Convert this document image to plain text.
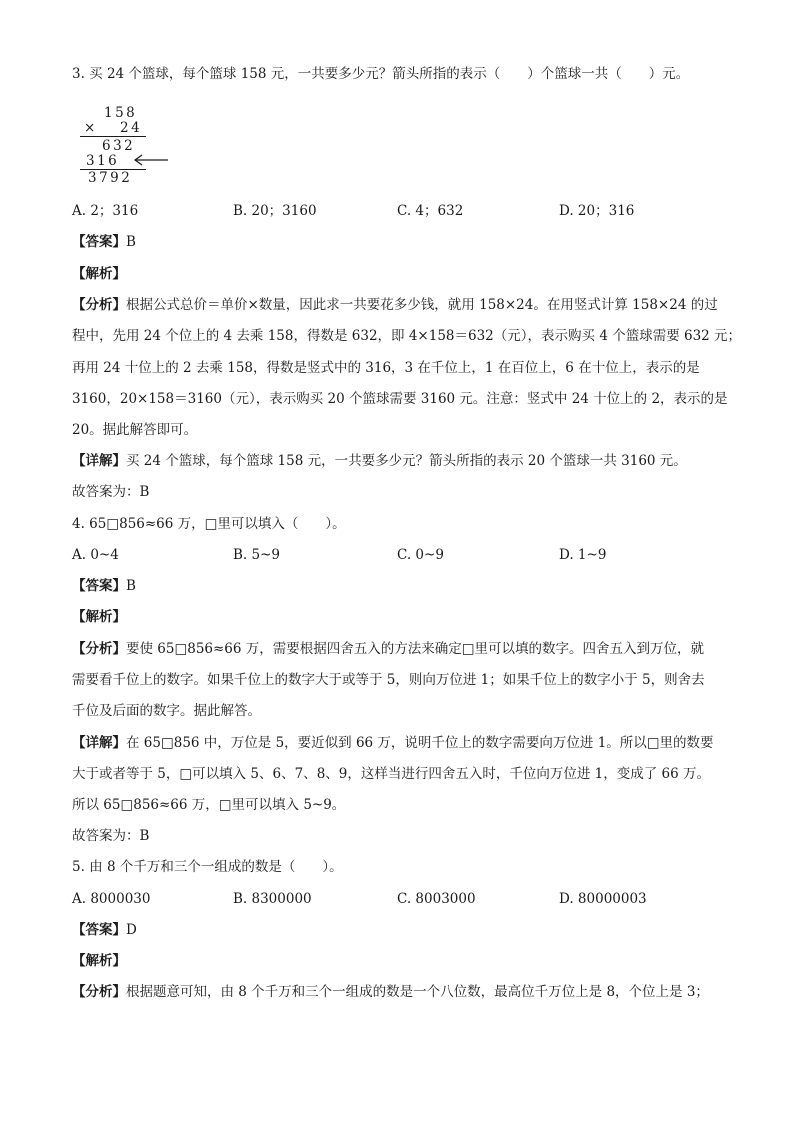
3. 买 24 个篮球，每个篮球 158 元，一共要多少元？箭头所指的表示（　　）个篮球一共（　　）元。
158
× 24
632
316
3792
A. 2；316	B. 20；3160	C. 4；632	D. 20；316
【答案】B
【解析】
【分析】根据公式总价＝单价×数量，因此求一共要花多少钱，就用 158×24。在用竖式计算 158×24 的过
程中，先用 24 个位上的 4 去乘 158，得数是 632，即 4×158＝632（元），表示购买 4 个篮球需要 632 元；
再用 24 十位上的 2 去乘 158，得数是竖式中的 316，3 在千位上，1 在百位上，6 在十位上，表示的是
3160，20×158＝3160（元），表示购买 20 个篮球需要 3160 元。注意：竖式中 24 十位上的 2，表示的是
20。据此解答即可。
【详解】买 24 个篮球，每个篮球 158 元，一共要多少元？箭头所指的表示 20 个篮球一共 3160 元。
故答案为：B
4. 65□856≈66 万，□里可以填入（　　）。
A. 0~4	B. 5~9	C. 0~9	D. 1~9
【答案】B
【解析】
【分析】要使 65□856≈66 万，需要根据四舍五入的方法来确定□里可以填的数字。四舍五入到万位，就
需要看千位上的数字。如果千位上的数字大于或等于 5，则向万位进 1；如果千位上的数字小于 5，则舍去
千位及后面的数字。据此解答。
【详解】在 65□856 中，万位是 5，要近似到 66 万，说明千位上的数字需要向万位进 1。所以□里的数要
大于或者等于 5，□可以填入 5、6、7、8、9，这样当进行四舍五入时，千位向万位进 1，变成了 66 万。
所以 65□856≈66 万，□里可以填入 5~9。
故答案为：B
5. 由 8 个千万和三个一组成的数是（　　）。
A. 8000030	B. 8300000	C. 8003000	D. 80000003
【答案】D
【解析】
【分析】根据题意可知，由 8 个千万和三个一组成的数是一个八位数，最高位千万位上是 8，个位上是 3；
